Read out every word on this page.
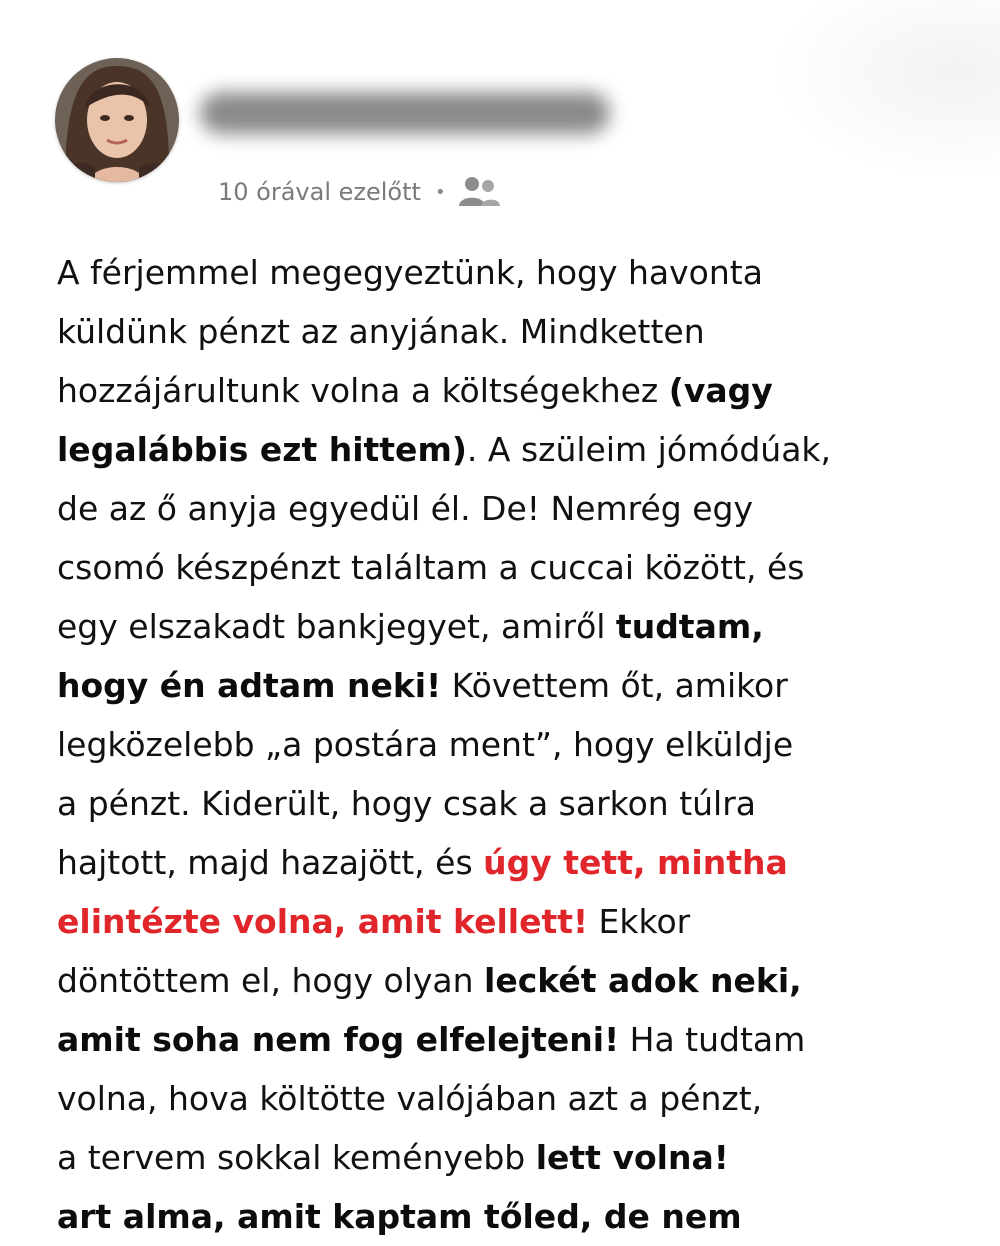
10 órával ezelőtt •
A férjemmel megegyeztünk, hogy havonta
küldünk pénzt az anyjának. Mindketten
hozzájárultunk volna a költségekhez (vagy
legalábbis ezt hittem). A szüleim jómódúak,
de az ő anyja egyedül él. De! Nemrég egy
csomó készpénzt találtam a cuccai között, és
egy elszakadt bankjegyet, amiről tudtam,
hogy én adtam neki! Követtem őt, amikor
legközelebb „a postára ment”, hogy elküldje
a pénzt. Kiderült, hogy csak a sarkon túlra
hajtott, majd hazajött, és úgy tett, mintha
elintézte volna, amit kellett! Ekkor
döntöttem el, hogy olyan leckét adok neki,
amit soha nem fog elfelejteni! Ha tudtam
volna, hova költötte valójában azt a pénzt,
a tervem sokkal keményebb lett volna!
art alma, amit kaptam tőled, de nem
